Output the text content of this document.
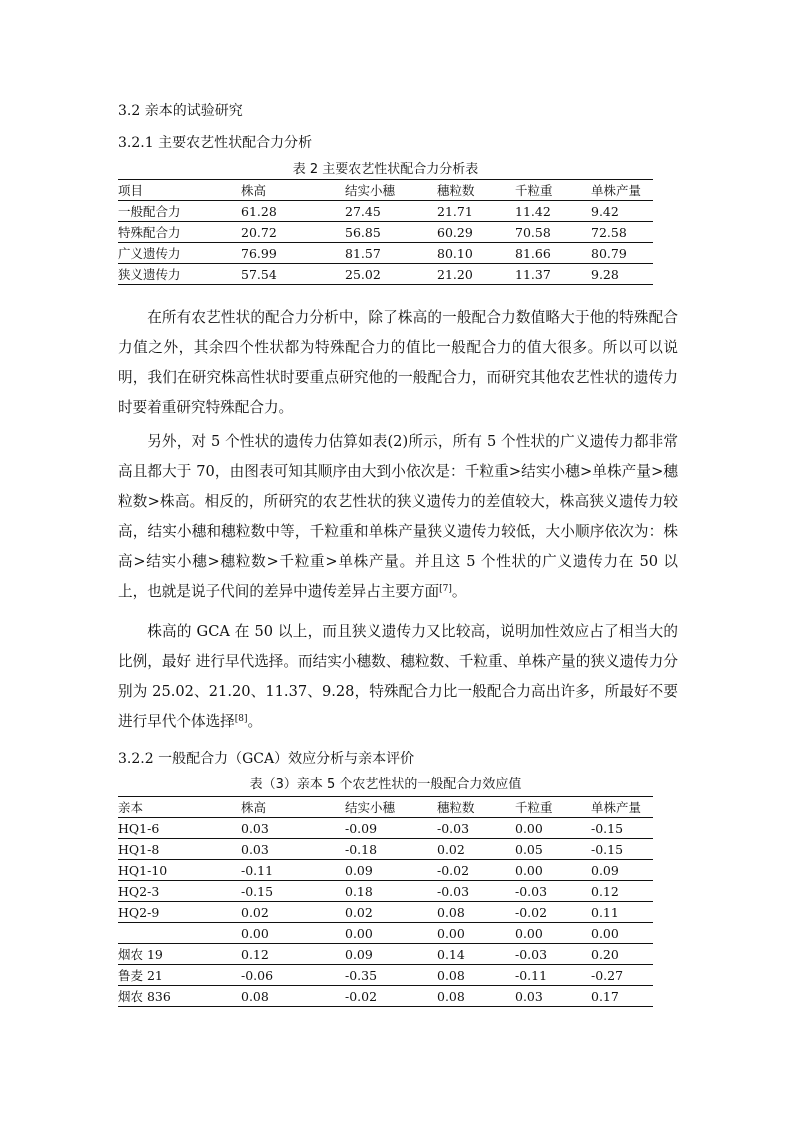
3.2 亲本的试验研究
3.2.1 主要农艺性状配合力分析
表 2 主要农艺性状配合力分析表
项目	株高	结实小穗	穗粒数	千粒重	单株产量
一般配合力	61.28	27.45	21.71	11.42	9.42
特殊配合力	20.72	56.85	60.29	70.58	72.58
广义遗传力	76.99	81.57	80.10	81.66	80.79
狭义遗传力	57.54	25.02	21.20	11.37	9.28

在所有农艺性状的配合力分析中，除了株高的一般配合力数值略大于他的特殊配合力值之外，其余四个性状都为特殊配合力的值比一般配合力的值大很多。所以可以说明，我们在研究株高性状时要重点研究他的一般配合力，而研究其他农艺性状的遗传力时要着重研究特殊配合力。

另外，对 5 个性状的遗传力估算如表(2)所示，所有 5 个性状的广义遗传力都非常高且都大于 70，由图表可知其顺序由大到小依次是：千粒重>结实小穗>单株产量>穗粒数>株高。相反的，所研究的农艺性状的狭义遗传力的差值较大，株高狭义遗传力较高，结实小穗和穗粒数中等，千粒重和单株产量狭义遗传力较低，大小顺序依次为：株高>结实小穗>穗粒数>千粒重>单株产量。并且这 5 个性状的广义遗传力在 50 以上，也就是说子代间的差异中遗传差异占主要方面[7]。

株高的 GCA 在 50 以上，而且狭义遗传力又比较高，说明加性效应占了相当大的比例，最好 进行早代选择。而结实小穗数、穗粒数、千粒重、单株产量的狭义遗传力分别为 25.02、21.20、11.37、9.28，特殊配合力比一般配合力高出许多，所最好不要进行早代个体选择[8]。

3.2.2 一般配合力（GCA）效应分析与亲本评价
表（3）亲本 5 个农艺性状的一般配合力效应值
亲本	株高	结实小穗	穗粒数	千粒重	单株产量
HQ1-6	0.03	-0.09	-0.03	0.00	-0.15
HQ1-8	0.03	-0.18	0.02	0.05	-0.15
HQ1-10	-0.11	0.09	-0.02	0.00	0.09
HQ2-3	-0.15	0.18	-0.03	-0.03	0.12
HQ2-9	0.02	0.02	0.08	-0.02	0.11
	0.00	0.00	0.00	0.00	0.00
烟农 19	0.12	0.09	0.14	-0.03	0.20
鲁麦 21	-0.06	-0.35	0.08	-0.11	-0.27
烟农 836	0.08	-0.02	0.08	0.03	0.17
